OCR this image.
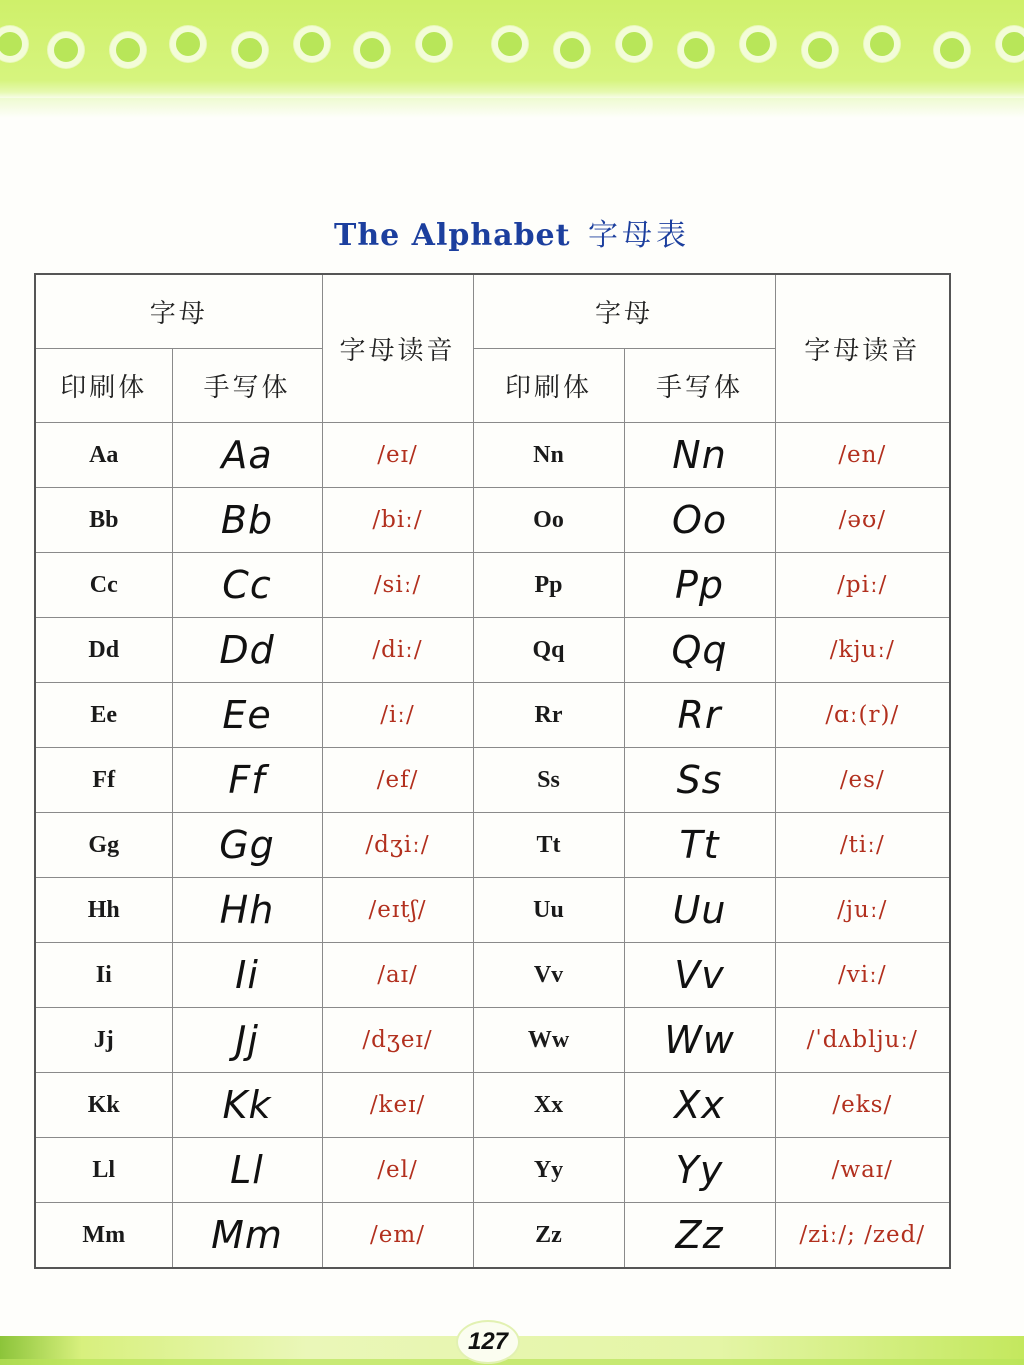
The Alphabet 字母表
字母		字母读音	字母		字母读音
印刷体	手写体		印刷体	手写体	
Aa	Aa	/eɪ/	Nn	Nn	/en/
Bb	Bb	/biː/	Oo	Oo	/əʊ/
Cc	Cc	/siː/	Pp	Pp	/piː/
Dd	Dd	/diː/	Qq	Qq	/kjuː/
Ee	Ee	/iː/	Rr	Rr	/ɑː(r)/
Ff	Ff	/ef/	Ss	Ss	/es/
Gg	Gg	/dʒiː/	Tt	Tt	/tiː/
Hh	Hh	/eɪtʃ/	Uu	Uu	/juː/
Ii	Ii	/aɪ/	Vv	Vv	/viː/
Jj	Jj	/dʒeɪ/	Ww	Ww	/ˈdʌbljuː/
Kk	Kk	/keɪ/	Xx	Xx	/eks/
Ll	Ll	/el/	Yy	Yy	/waɪ/
Mm	Mm	/em/	Zz	Zz	/ziː/; /zed/
127
